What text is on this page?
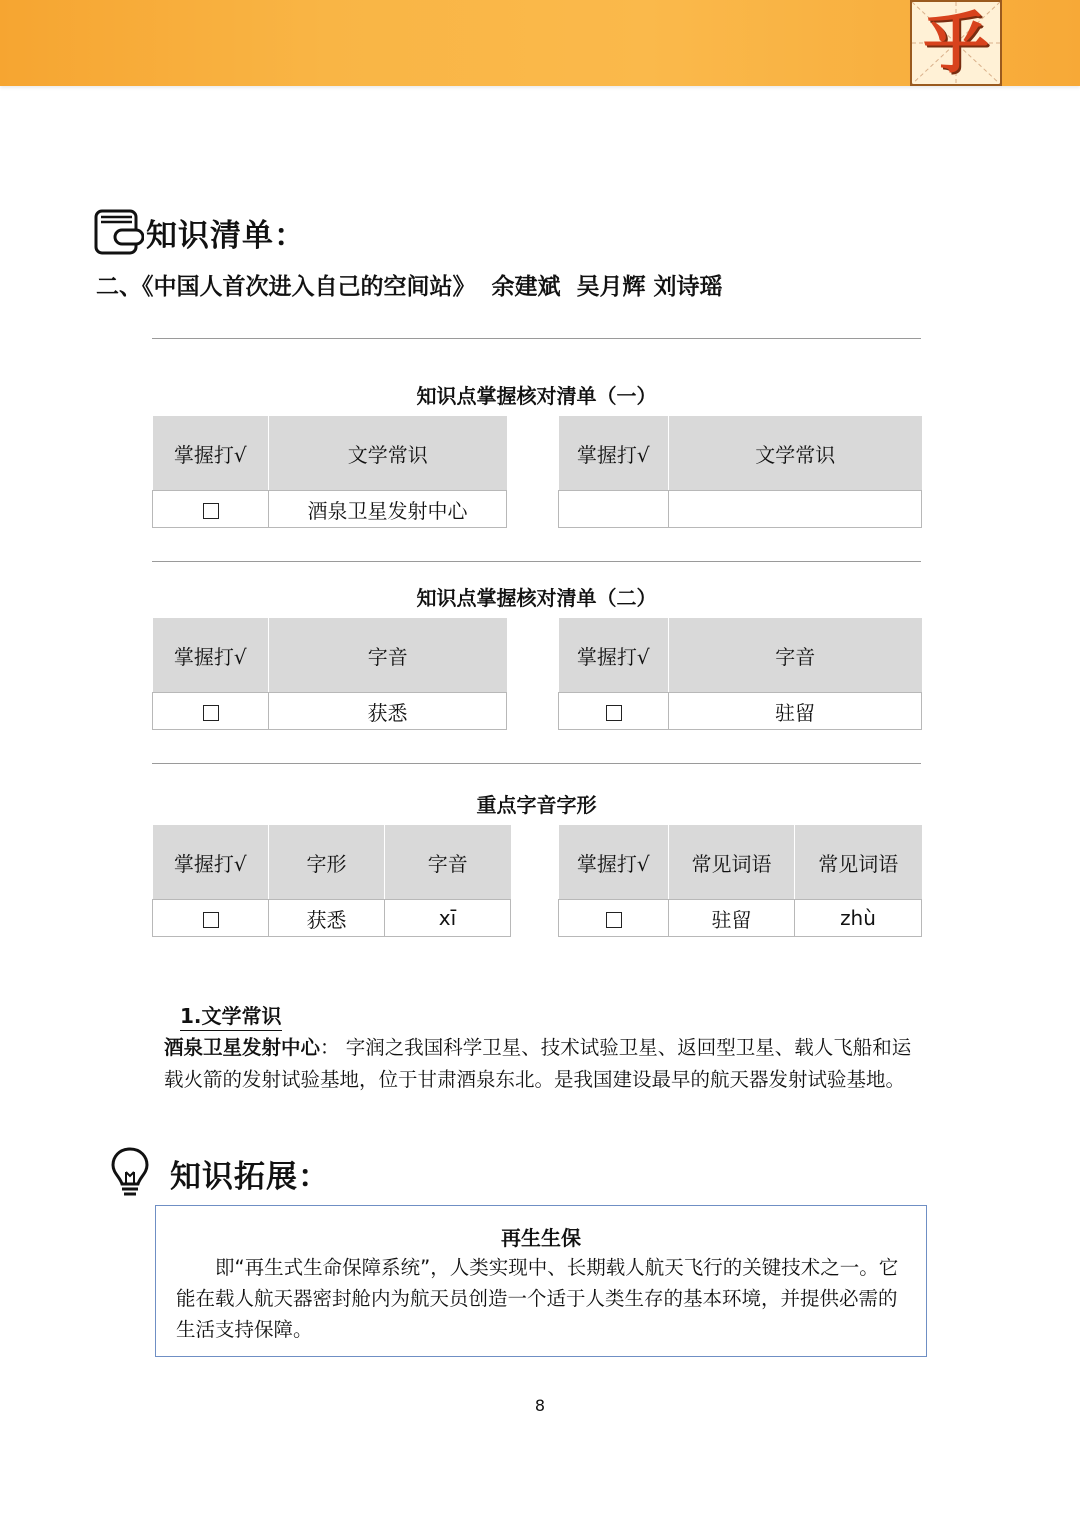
乎
知识清单：
二、《中国人首次进入自己的空间站》  余建斌  吴月辉 刘诗瑶
知识点掌握核对清单（一）
掌握打√	文学常识
	酒泉卫星发射中心
掌握打√	文学常识

知识点掌握核对清单（二）
掌握打√	字音
	获悉
掌握打√	字音
	驻留
重点字音字形
掌握打√	字形	字音
	获悉	xī
掌握打√	常见词语	常见词语
	驻留	zhù
1.文学常识
酒泉卫星发射中心： 字润之我国科学卫星、技术试验卫星、返回型卫星、载人飞船和运载火箭的发射试验基地，位于甘肃酒泉东北。是我国建设最早的航天器发射试验基地。
知识拓展：
再生生保
即“再生式生命保障系统”，人类实现中、长期载人航天飞行的关键技术之一。它能在载人航天器密封舱内为航天员创造一个适于人类生存的基本环境，并提供必需的生活支持保障。
8
